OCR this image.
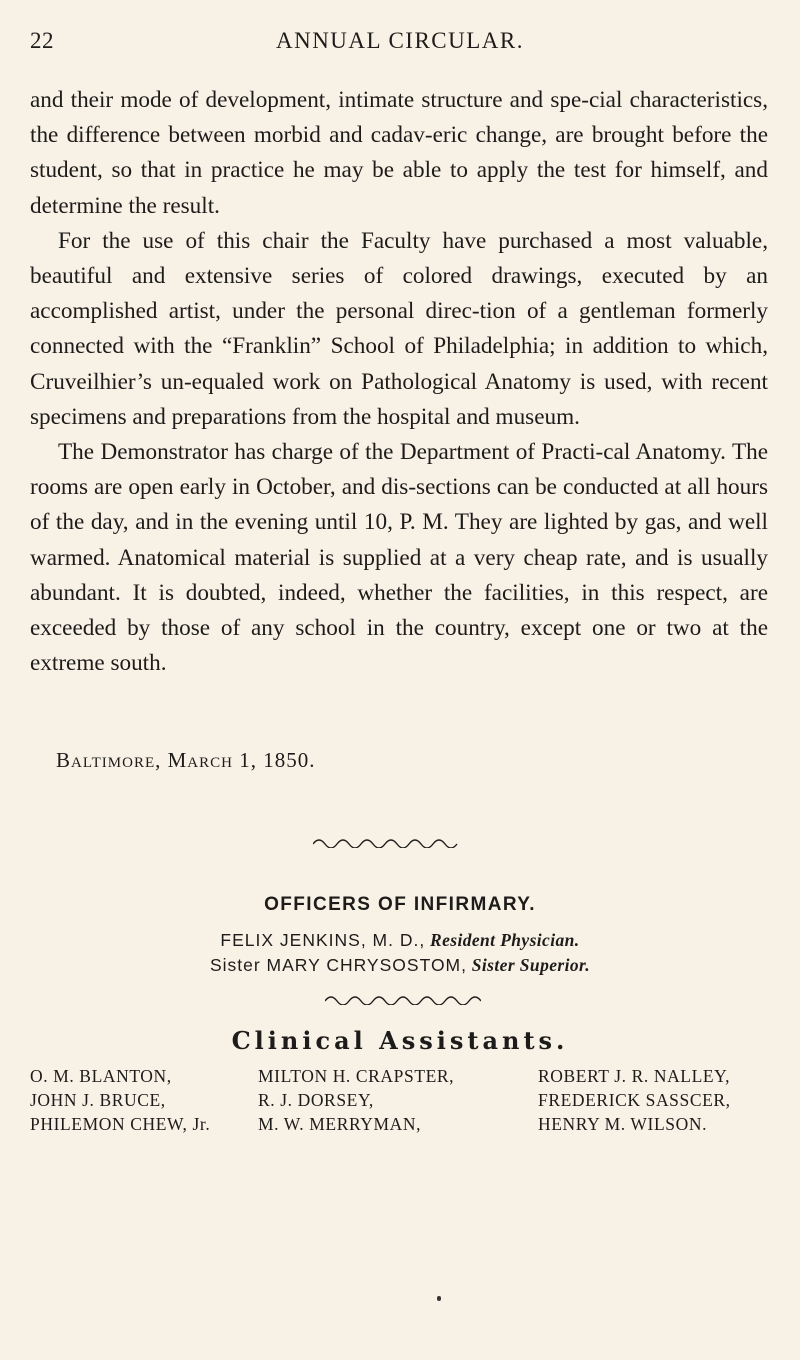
22	ANNUAL CIRCULAR.

and their mode of development, intimate structure and spe-cial characteristics, the difference between morbid and cadav-eric change, are brought before the student, so that in practice he may be able to apply the test for himself, and determine the result.

For the use of this chair the Faculty have purchased a most valuable, beautiful and extensive series of colored drawings, executed by an accomplished artist, under the personal direc-tion of a gentleman formerly connected with the “Franklin” School of Philadelphia; in addition to which, Cruveilhier’s un-equaled work on Pathological Anatomy is used, with recent specimens and preparations from the hospital and museum.

The Demonstrator has charge of the Department of Practi-cal Anatomy. The rooms are open early in October, and dis-sections can be conducted at all hours of the day, and in the evening until 10, P. M. They are lighted by gas, and well warmed. Anatomical material is supplied at a very cheap rate, and is usually abundant. It is doubted, indeed, whether the facilities, in this respect, are exceeded by those of any school in the country, except one or two at the extreme south.

Baltimore, March 1, 1850.
OFFICERS OF INFIRMARY.
FELIX JENKINS, M. D., Resident Physician.
Sister MARY CHRYSOSTOM, Sister Superior.
Clinical Assistants.
O. M. BLANTON,
JOHN J. BRUCE,
PHILEMON CHEW, Jr.
MILTON H. CRAPSTER,
R. J. DORSEY,
M. W. MERRYMAN,
ROBERT J. R. NALLEY,
FREDERICK SASSCER,
HENRY M. WILSON.
